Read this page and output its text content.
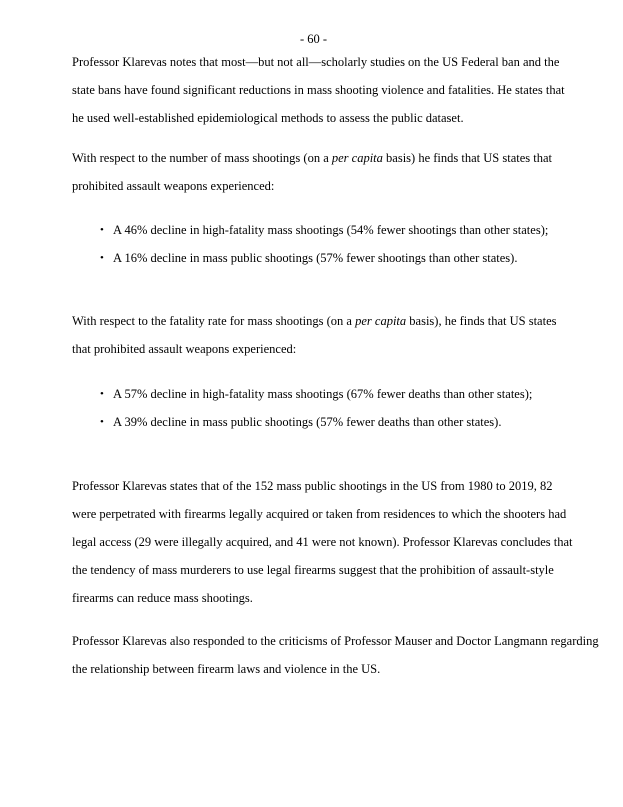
- 60 -
Professor Klarevas notes that most—but not all—scholarly studies on the US Federal ban and the
state bans have found significant reductions in mass shooting violence and fatalities. He states that
he used well-established epidemiological methods to assess the public dataset.
With respect to the number of mass shootings (on a per capita basis) he finds that US states that
prohibited assault weapons experienced:
• A 46% decline in high-fatality mass shootings (54% fewer shootings than other states);
• A 16% decline in mass public shootings (57% fewer shootings than other states).
With respect to the fatality rate for mass shootings (on a per capita basis), he finds that US states
that prohibited assault weapons experienced:
• A 57% decline in high-fatality mass shootings (67% fewer deaths than other states);
• A 39% decline in mass public shootings (57% fewer deaths than other states).
Professor Klarevas states that of the 152 mass public shootings in the US from 1980 to 2019, 82
were perpetrated with firearms legally acquired or taken from residences to which the shooters had
legal access (29 were illegally acquired, and 41 were not known). Professor Klarevas concludes that
the tendency of mass murderers to use legal firearms suggest that the prohibition of assault-style
firearms can reduce mass shootings.
Professor Klarevas also responded to the criticisms of Professor Mauser and Doctor Langmann regarding
the relationship between firearm laws and violence in the US.
